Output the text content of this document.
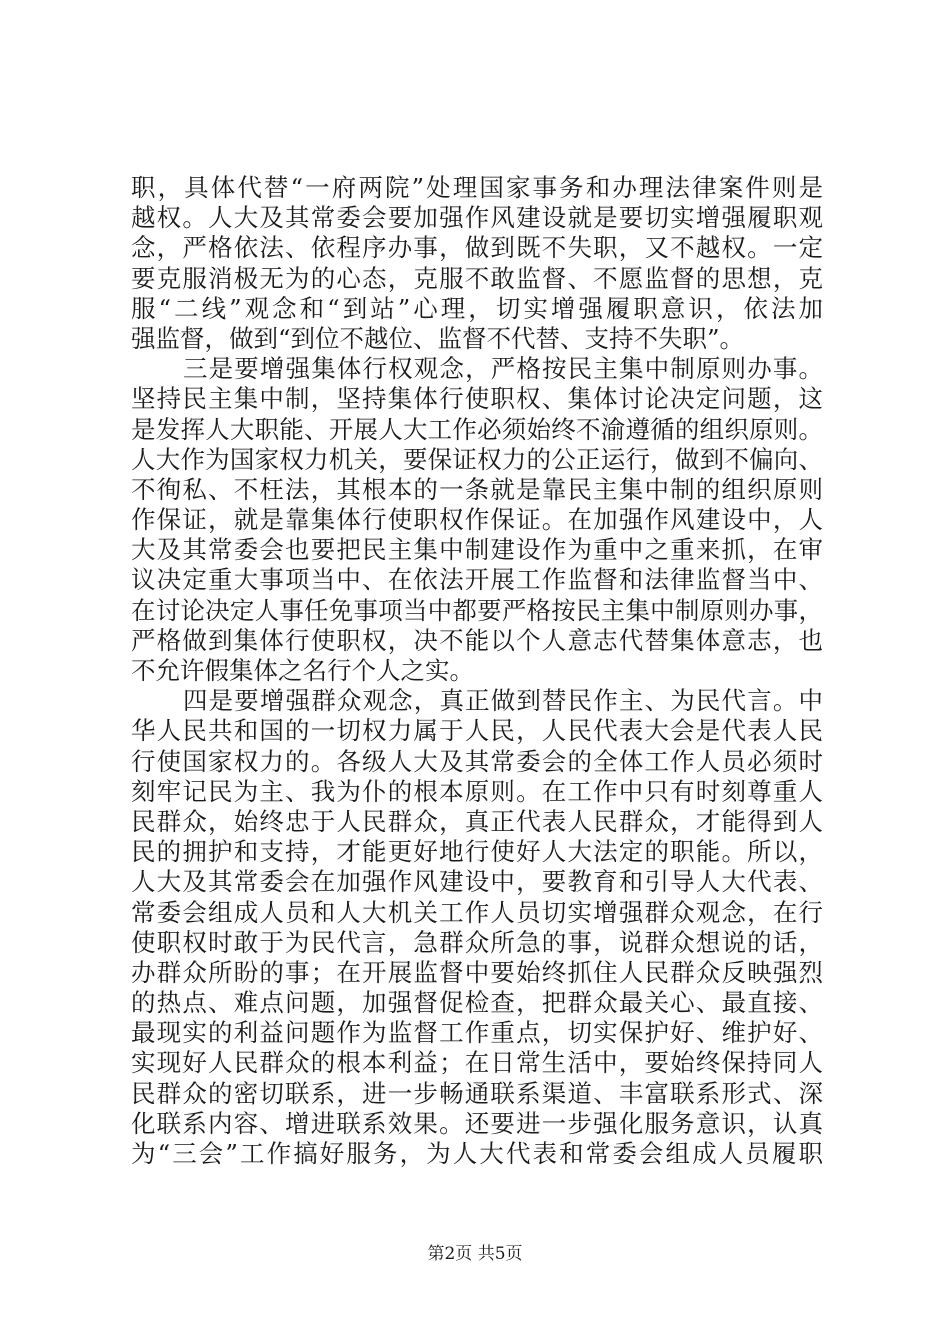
职，具体代替“一府两院”处理国家事务和办理法律案件则是
越权。人大及其常委会要加强作风建设就是要切实增强履职观
念，严格依法、依程序办事，做到既不失职，又不越权。一定
要克服消极无为的心态，克服不敢监督、不愿监督的思想，克
服“二线”观念和“到站”心理，切实增强履职意识，依法加
强监督，做到“到位不越位、监督不代替、支持不失职”。
三是要增强集体行权观念，严格按民主集中制原则办事。
坚持民主集中制，坚持集体行使职权、集体讨论决定问题，这
是发挥人大职能、开展人大工作必须始终不渝遵循的组织原则。
人大作为国家权力机关，要保证权力的公正运行，做到不偏向、
不徇私、不枉法，其根本的一条就是靠民主集中制的组织原则
作保证，就是靠集体行使职权作保证。在加强作风建设中，人
大及其常委会也要把民主集中制建设作为重中之重来抓，在审
议决定重大事项当中、在依法开展工作监督和法律监督当中、
在讨论决定人事任免事项当中都要严格按民主集中制原则办事，
严格做到集体行使职权，决不能以个人意志代替集体意志，也
不允许假集体之名行个人之实。
四是要增强群众观念，真正做到替民作主、为民代言。中
华人民共和国的一切权力属于人民，人民代表大会是代表人民
行使国家权力的。各级人大及其常委会的全体工作人员必须时
刻牢记民为主、我为仆的根本原则。在工作中只有时刻尊重人
民群众，始终忠于人民群众，真正代表人民群众，才能得到人
民的拥护和支持，才能更好地行使好人大法定的职能。所以，
人大及其常委会在加强作风建设中，要教育和引导人大代表、
常委会组成人员和人大机关工作人员切实增强群众观念，在行
使职权时敢于为民代言，急群众所急的事，说群众想说的话，
办群众所盼的事；在开展监督中要始终抓住人民群众反映强烈
的热点、难点问题，加强督促检查，把群众最关心、最直接、
最现实的利益问题作为监督工作重点，切实保护好、维护好、
实现好人民群众的根本利益；在日常生活中，要始终保持同人
民群众的密切联系，进一步畅通联系渠道、丰富联系形式、深
化联系内容、增进联系效果。还要进一步强化服务意识，认真
为“三会”工作搞好服务，为人大代表和常委会组成人员履职
第2页 共5页
